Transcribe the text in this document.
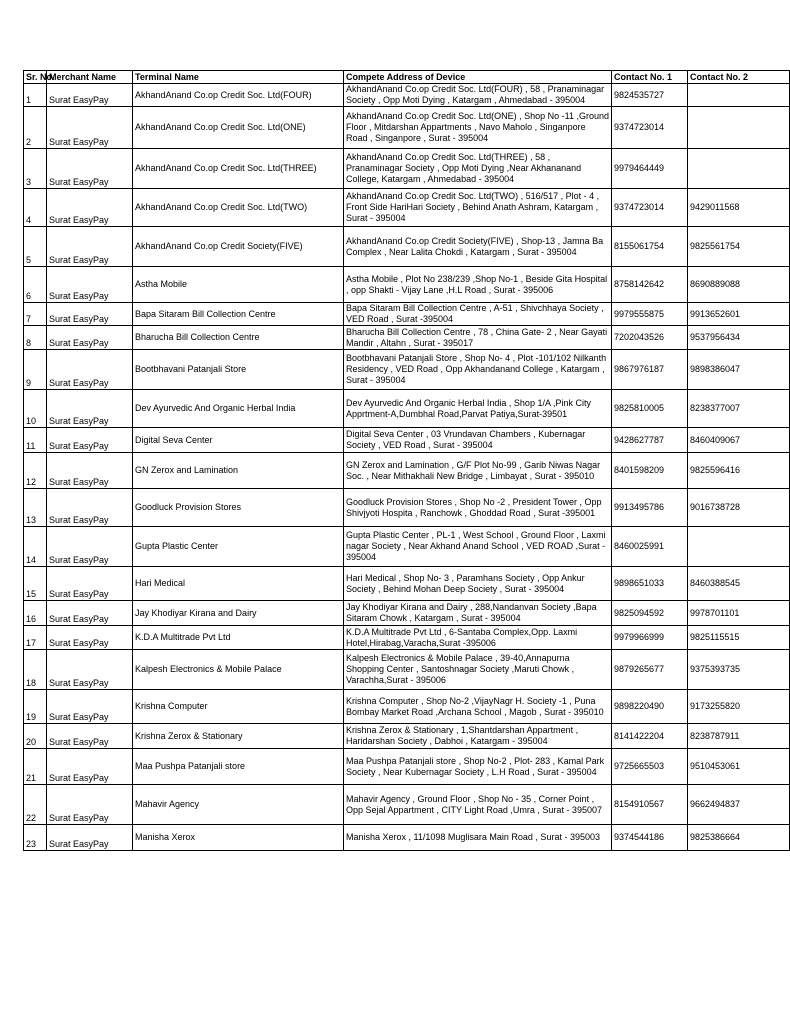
Sr. No.	Merchant Name	Terminal Name	Compete Address of Device	Contact No. 1	Contact No. 2
1	Surat EasyPay	AkhandAnand Co.op Credit Soc. Ltd(FOUR)	AkhandAnand Co.op Credit Soc. Ltd(FOUR) , 58 , Pranaminagar Society , Opp Moti Dying , Katargam , Ahmedabad - 395004	9824535727	
2	Surat EasyPay	AkhandAnand Co.op Credit Soc. Ltd(ONE)	AkhandAnand Co.op Credit Soc. Ltd(ONE) , Shop No -11 ,Ground Floor , Mitdarshan Appartments , Navo Maholo , Singanpore Road , Singanpore , Surat - 395004	9374723014	
3	Surat EasyPay	AkhandAnand Co.op Credit Soc. Ltd(THREE)	AkhandAnand Co.op Credit Soc. Ltd(THREE) , 58 , Pranaminagar Society , Opp Moti Dying ,Near Akhananand College, Katargam , Ahmedabad - 395004	9979464449	
4	Surat EasyPay	AkhandAnand Co.op Credit Soc. Ltd(TWO)	AkhandAnand Co.op Credit Soc. Ltd(TWO) , 516/517 , Plot - 4 , Front Side HariHari Society , Behind Anath Ashram, Katargam , Surat - 395004	9374723014	9429011568
5	Surat EasyPay	AkhandAnand Co.op Credit Society(FIVE)	AkhandAnand Co.op Credit Society(FIVE) , Shop-13 , Jamna Ba Complex , Near Lalita Chokdi , Katargam , Surat - 395004	8155061754	9825561754
6	Surat EasyPay	Astha Mobile	Astha Mobile , Plot No 238/239 ,Shop No-1 , Beside Gita Hospital , opp Shakti - Vijay Lane ,H.L Road , Surat - 395006	8758142642	8690889088
7	Surat EasyPay	Bapa Sitaram Bill Collection Centre	Bapa Sitaram Bill Collection Centre , A-51 , Shivchhaya Society , VED Road , Surat -395004	9979555875	9913652601
8	Surat EasyPay	Bharucha Bill Collection Centre	Bharucha Bill Collection Centre , 78 , China Gate- 2 , Near Gayati Mandir , Altahn , Surat - 395017	7202043526	9537956434
9	Surat EasyPay	Bootbhavani Patanjali Store	Bootbhavani Patanjali Store , Shop No- 4 , Plot -101/102 Nilkanth Residency , VED Road , Opp Akhandanand College , Katargam , Surat - 395004	9867976187	9898386047
10	Surat EasyPay	Dev Ayurvedic And Organic Herbal India	Dev Ayurvedic And Organic Herbal India , Shop 1/A ,Pink City Apprtment-A,Dumbhal Road,Parvat Patiya,Surat-39501	9825810005	8238377007
11	Surat EasyPay	Digital Seva Center	Digital Seva Center , 03 Vrundavan Chambers , Kubernagar Society , VED Road , Surat - 395004	9428627787	8460409067
12	Surat EasyPay	GN Zerox and Lamination	GN Zerox and Lamination , G/F Plot No-99 , Garib Niwas Nagar Soc. , Near Mithakhali New Bridge , Limbayat , Surat - 395010	8401598209	9825596416
13	Surat EasyPay	Goodluck Provision Stores	Goodluck Provision Stores , Shop No -2 , President Tower , Opp Shivjyoti Hospita , Ranchowk , Ghoddad Road , Surat -395001	9913495786	9016738728
14	Surat EasyPay	Gupta Plastic Center	Gupta Plastic Center , PL-1 , West School , Ground Floor , Laxmi nagar Society , Near Akhand Anand School , VED ROAD ,Surat - 395004	8460025991	
15	Surat EasyPay	Hari Medical	Hari Medical , Shop No- 3 , Paramhans Society , Opp Ankur Society , Behind Mohan Deep Society , Surat - 395004	9898651033	8460388545
16	Surat EasyPay	Jay Khodiyar Kirana and Dairy	Jay Khodiyar Kirana and Dairy , 288,Nandanvan Society ,Bapa Sitaram Chowk , Katargam , Surat - 395004	9825094592	9978701101
17	Surat EasyPay	K.D.A Multitrade Pvt Ltd	K.D.A Multitrade Pvt Ltd , 6-Santaba Complex,Opp. Laxmi Hotel,Hirabag,Varacha,Surat -395006	9979966999	9825115515
18	Surat EasyPay	Kalpesh Electronics & Mobile Palace	Kalpesh Electronics & Mobile Palace , 39-40,Annapurna Shopping Center , Santoshnagar Society ,Maruti Chowk , Varachha,Surat - 395006	9879265677	9375393735
19	Surat EasyPay	Krishna Computer	Krishna Computer , Shop No-2 ,VijayNagr H. Society -1 , Puna Bombay Market Road ,Archana School , Magob , Surat - 395010	9898220490	9173255820
20	Surat EasyPay	Krishna Zerox & Stationary	Krishna Zerox & Stationary , 1,Shantdarshan Appartment , Haridarshan Society , Dabhoi , Katargam - 395004	8141422204	8238787911
21	Surat EasyPay	Maa Pushpa Patanjali store	Maa Pushpa Patanjali store , Shop No-2 , Plot- 283 , Kamal Park Society , Near Kubernagar Society , L.H Road , Surat - 395004	9725665503	9510453061
22	Surat EasyPay	Mahavir Agency	Mahavir Agency , Ground Floor , Shop No - 35 , Corner Point , Opp Sejal Appartment , CITY Light Road ,Umra , Surat - 395007	8154910567	9662494837
23	Surat EasyPay	Manisha Xerox	Manisha Xerox , 11/1098 Muglisara Main Road , Surat - 395003	9374544186	9825386664
